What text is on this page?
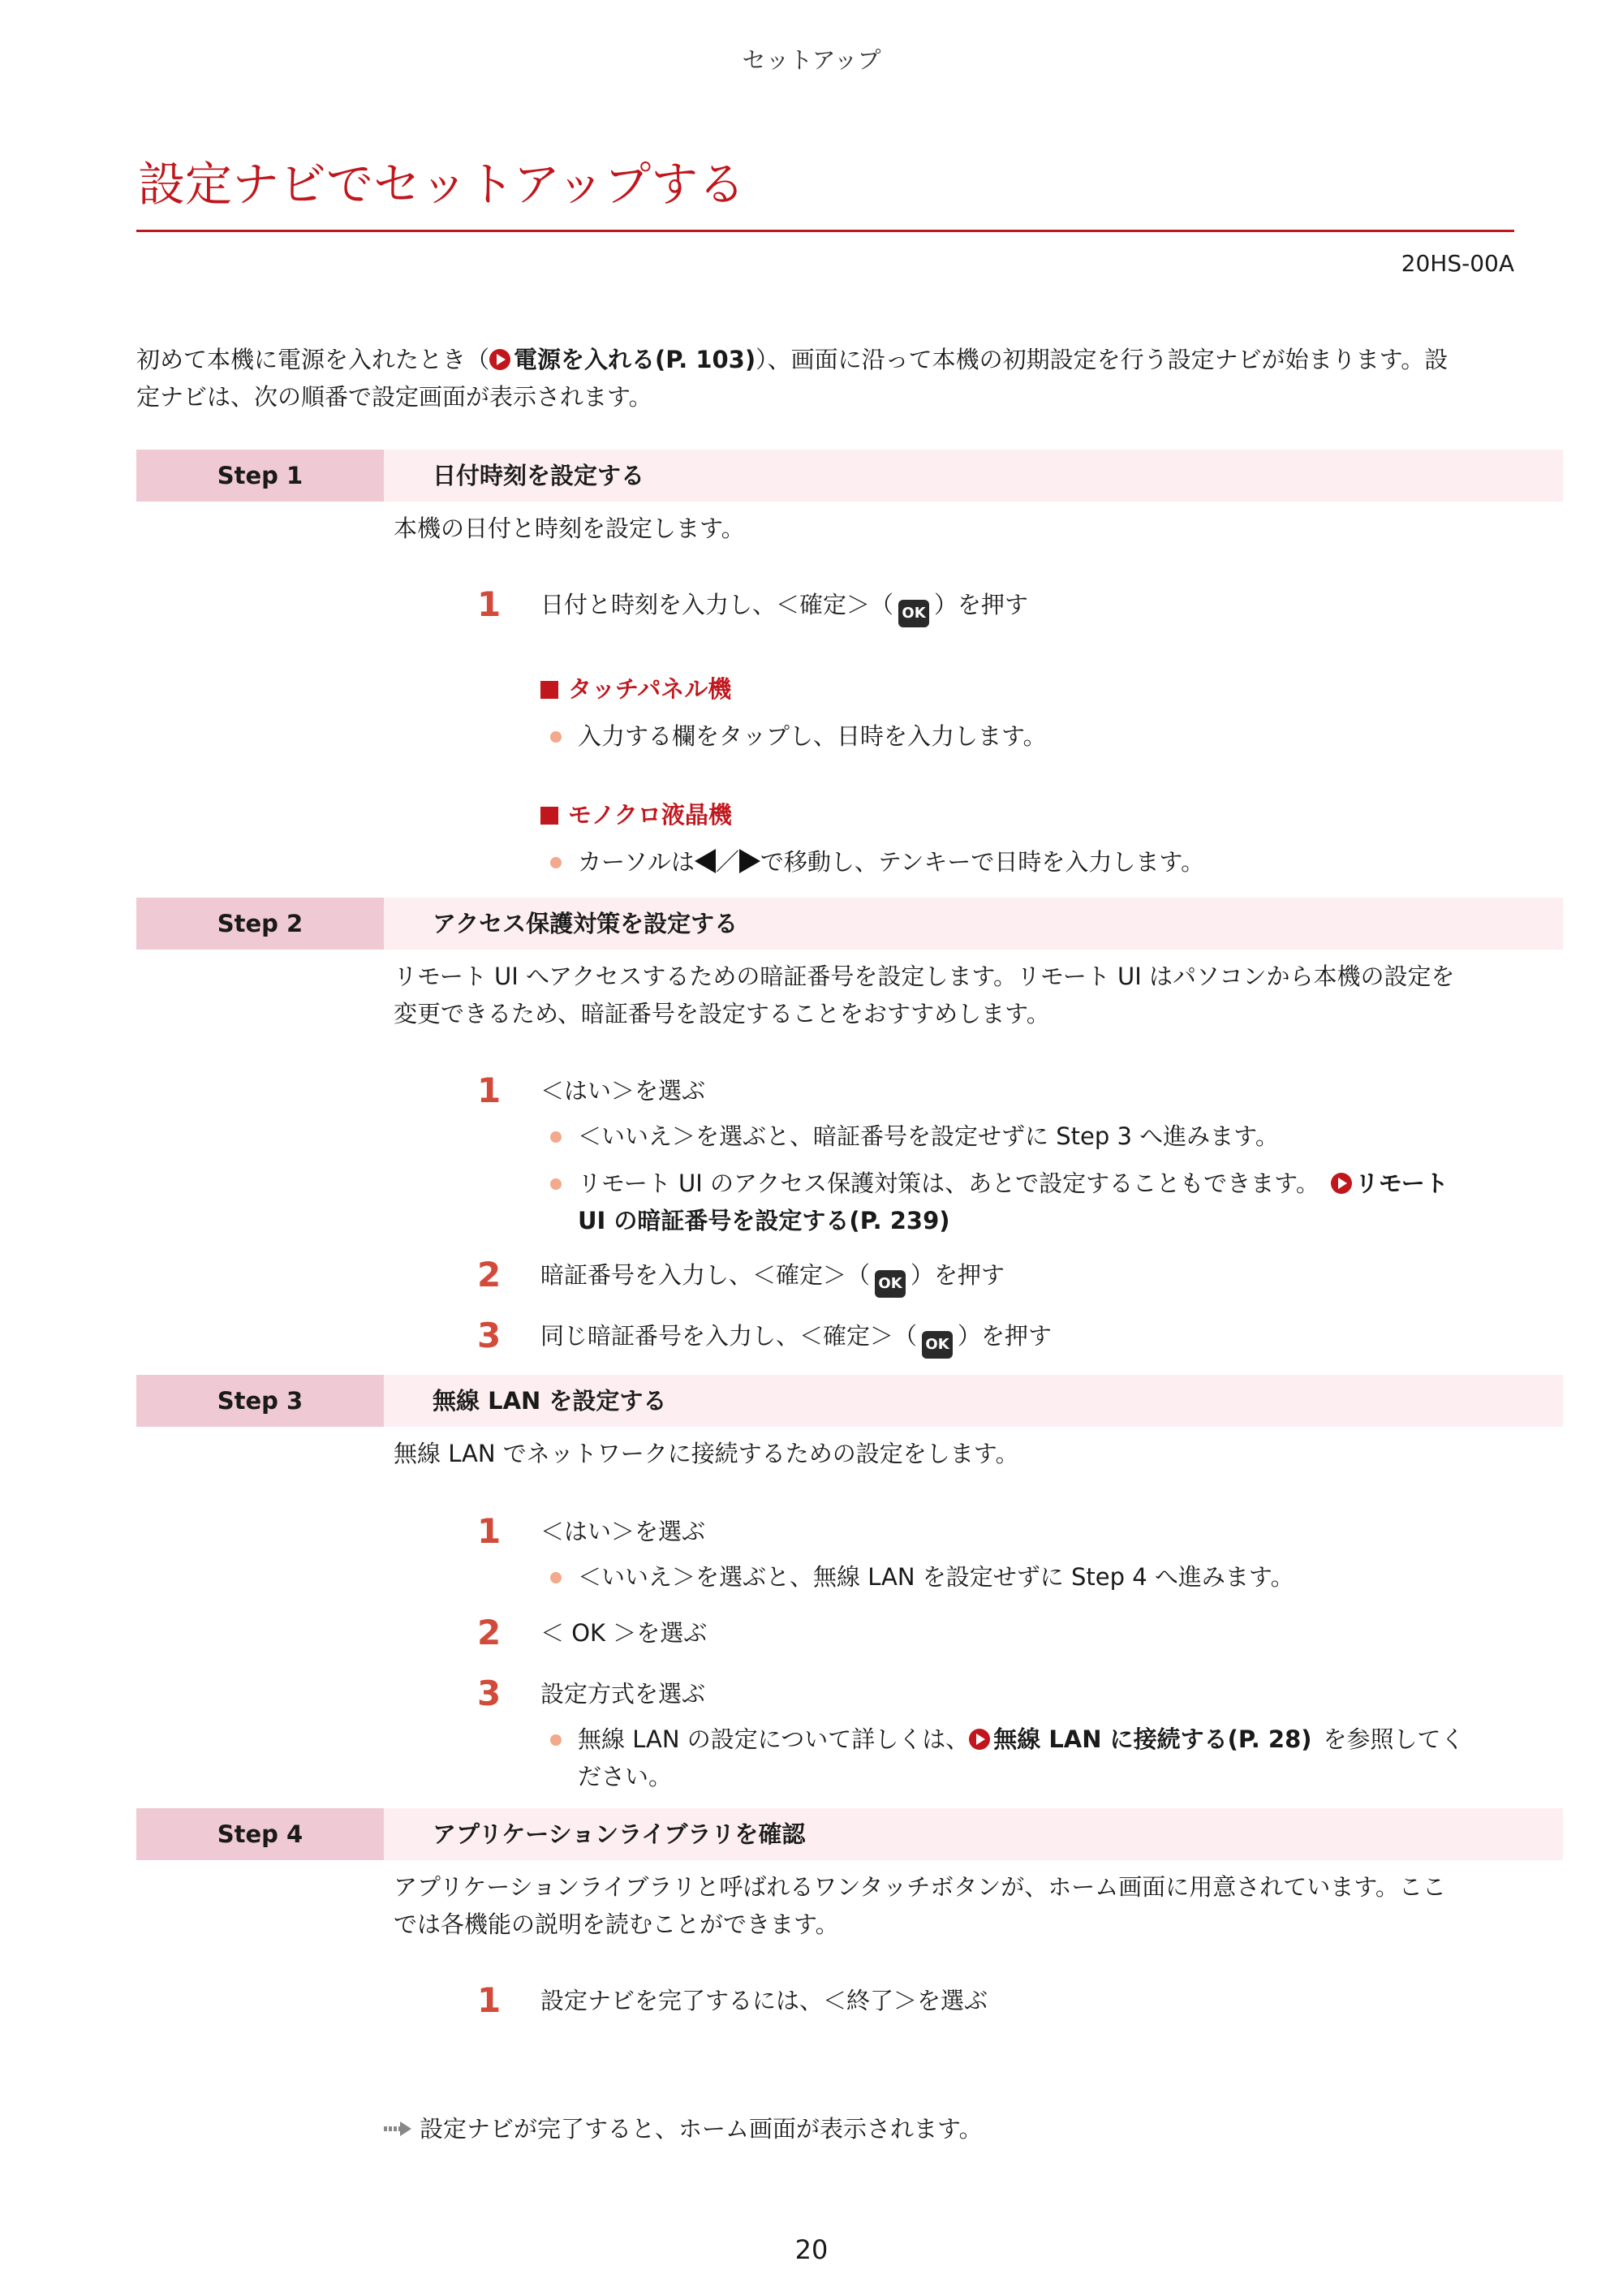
セットアップ
設定ナビでセットアップする
20HS-00A
初めて本機に電源を入れたとき（ 電源を入れる(P. 103)）、画面に沿って本機の初期設定を行う設定ナビが始まります。設
定ナビは、次の順番で設定画面が表示されます。
Step 1	日付時刻を設定する
本機の日付と時刻を設定します。
1 日付と時刻を入力し、＜確定＞（ OK ）を押す
タッチパネル機
入力する欄をタップし、日時を入力します。
モノクロ液晶機
カーソルは ／ で移動し、テンキーで日時を入力します。
Step 2	アクセス保護対策を設定する
リモート UI へアクセスするための暗証番号を設定します。リモート UI はパソコンから本機の設定を
変更できるため、暗証番号を設定することをおすすめします。
1 ＜はい＞を選ぶ
＜いいえ＞を選ぶと、暗証番号を設定せずに Step 3 へ進みます。
リモート UI のアクセス保護対策は、あとで設定することもできます。 リモート
UI の暗証番号を設定する(P. 239)
2 暗証番号を入力し、＜確定＞（ OK ）を押す
3 同じ暗証番号を入力し、＜確定＞（ OK ）を押す
Step 3	無線 LAN を設定する
無線 LAN でネットワークに接続するための設定をします。
1 ＜はい＞を選ぶ
＜いいえ＞を選ぶと、無線 LAN を設定せずに Step 4 へ進みます。
2 ＜ OK ＞を選ぶ
3 設定方式を選ぶ
無線 LAN の設定について詳しくは、 無線 LAN に接続する(P. 28) を参照してく
ださい。
Step 4	アプリケーションライブラリを確認
アプリケーションライブラリと呼ばれるワンタッチボタンが、ホーム画面に用意されています。ここ
では各機能の説明を読むことができます。
1 設定ナビを完了するには、＜終了＞を選ぶ
設定ナビが完了すると、ホーム画面が表示されます。
20
